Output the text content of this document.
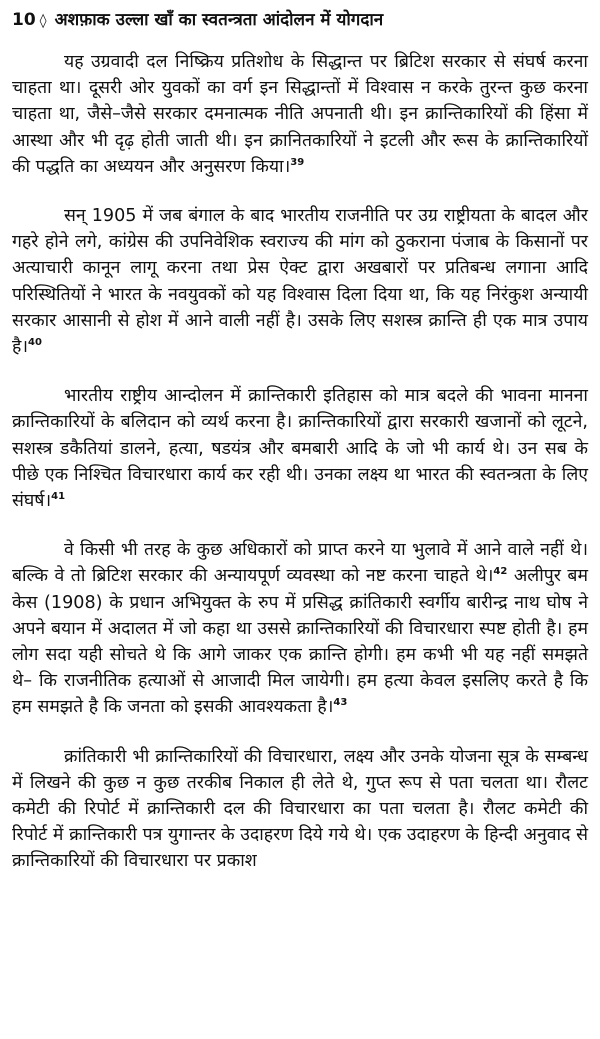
10 ◊ अशफ़ाक उल्ला खाँ का स्वतन्त्रता आंदोलन में योगदान

यह उग्रवादी दल निष्क्रिय प्रतिशोध के सिद्धान्त पर ब्रिटिश सरकार से संघर्ष करना चाहता था। दूसरी ओर युवकों का वर्ग इन सिद्धान्तों में विश्वास न करके तुरन्त कुछ करना चाहता था, जैसे–जैसे सरकार दमनात्मक नीति अपनाती थी। इन क्रान्तिकारियों की हिंसा में आस्था और भी दृढ़ होती जाती थी। इन क्रानितकारियों ने इटली और रूस के क्रान्तिकारियों की पद्धति का अध्ययन और अनुसरण किया।$^{39}$

सन् 1905 में जब बंगाल के बाद भारतीय राजनीति पर उग्र राष्ट्रीयता के बादल और गहरे होने लगे, कांग्रेस की उपनिवेशिक स्वराज्य की मांग को ठुकराना पंजाब के किसानों पर अत्याचारी कानून लागू करना तथा प्रेस ऐक्ट द्वारा अखबारों पर प्रतिबन्ध लगाना आदि परिस्थितियों ने भारत के नवयुवकों को यह विश्वास दिला दिया था, कि यह निरंकुश अन्यायी सरकार आसानी से होश में आने वाली नहीं है। उसके लिए सशस्त्र क्रान्ति ही एक मात्र उपाय है।$^{40}$

भारतीय राष्ट्रीय आन्दोलन में क्रान्तिकारी इतिहास को मात्र बदले की भावना मानना क्रान्तिकारियों के बलिदान को व्यर्थ करना है। क्रान्तिकारियों द्वारा सरकारी खजानों को लूटने, सशस्त्र डकैतियां डालने, हत्या, षडयंत्र और बमबारी आदि के जो भी कार्य थे। उन सब के पीछे एक निश्चित विचारधारा कार्य कर रही थी। उनका लक्ष्य था भारत की स्वतन्त्रता के लिए संघर्ष।$^{41}$

वे किसी भी तरह के कुछ अधिकारों को प्राप्त करने या भुलावे में आने वाले नहीं थे। बल्कि वे तो ब्रिटिश सरकार की अन्यायपूर्ण व्यवस्था को नष्ट करना चाहते थे।$^{42}$ अलीपुर बम केस (1908) के प्रधान अभियुक्त के रुप में प्रसिद्ध क्रांतिकारी स्वर्गीय बारीन्द्र नाथ घोष ने अपने बयान में अदालत में जो कहा था उससे क्रान्तिकारियों की विचारधारा स्पष्ट होती है। हम लोग सदा यही सोचते थे कि आगे जाकर एक क्रान्ति होगी। हम कभी भी यह नहीं समझते थे– कि राजनीतिक हत्याओं से आजादी मिल जायेगी। हम हत्या केवल इसलिए करते है कि हम समझते है कि जनता को इसकी आवश्यकता है।$^{43}$

क्रांतिकारी भी क्रान्तिकारियों की विचारधारा, लक्ष्य और उनके योजना सूत्र के सम्बन्ध में लिखने की कुछ न कुछ तरकीब निकाल ही लेते थे, गुप्त रूप से पता चलता था। रौलट कमेटी की रिपोर्ट में क्रान्तिकारी दल की विचारधारा का पता चलता है। रौलट कमेटी की रिपोर्ट में क्रान्तिकारी पत्र युगान्तर के उदाहरण दिये गये थे। एक उदाहरण के हिन्दी अनुवाद से क्रान्तिकारियों की विचारधारा पर प्रकाश
